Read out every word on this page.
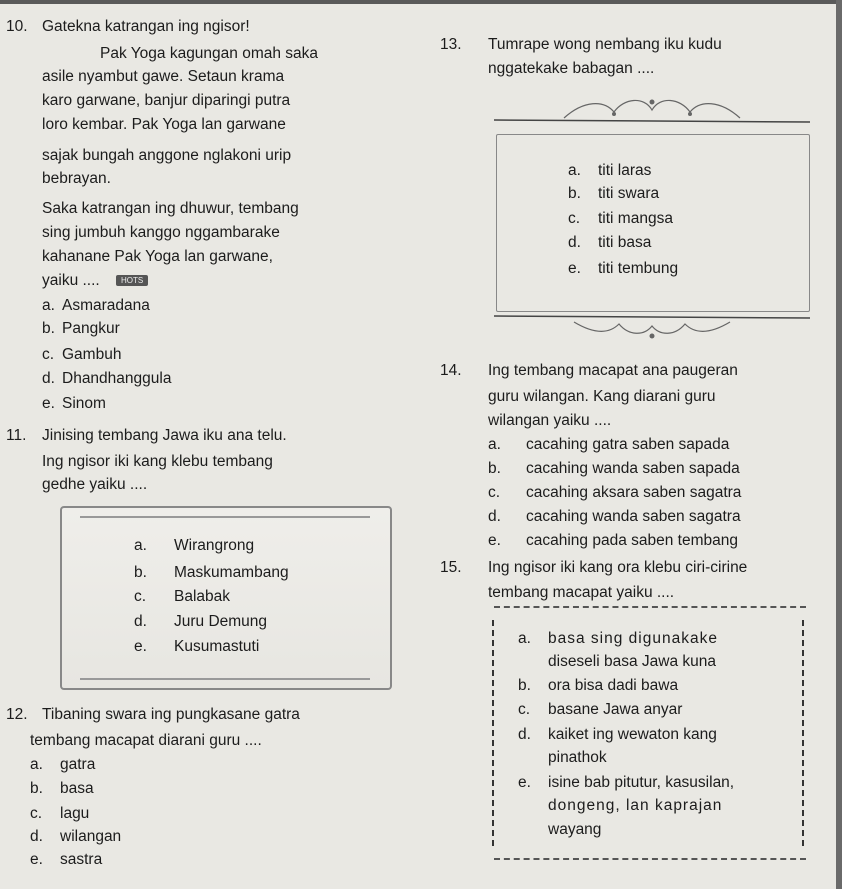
10. Gatekna katrangan ing ngisor!
Pak Yoga kagungan omah saka
asile nyambut gawe. Setaun krama
karo garwane, banjur diparingi putra
loro kembar. Pak Yoga lan garwane
sajak bungah anggone nglakoni urip
bebrayan.
Saka katrangan ing dhuwur, tembang
sing jumbuh kanggo nggambarake
kahanane Pak Yoga lan garwane,
yaiku ....	HOTS
a. Asmaradana
b. Pangkur
c. Gambuh
d. Dhandhanggula
e. Sinom
11. Jinising tembang Jawa iku ana telu.
Ing ngisor iki kang klebu tembang
gedhe yaiku ....
a. Wirangrong
b. Maskumambang
c. Balabak
d. Juru Demung
e. Kusumastuti
12. Tibaning swara ing pungkasane gatra
tembang macapat diarani guru ....
a. gatra
b. basa
c. lagu
d. wilangan
e. sastra
13. Tumrape wong nembang iku kudu
nggatekake babagan ....
a. titi laras
b. titi swara
c. titi mangsa
d. titi basa
e. titi tembung
14. Ing tembang macapat ana paugeran
guru wilangan. Kang diarani guru
wilangan yaiku ....
a. cacahing gatra saben sapada
b. cacahing wanda saben sapada
c. cacahing aksara saben sagatra
d. cacahing wanda saben sagatra
e. cacahing pada saben tembang
15. Ing ngisor iki kang ora klebu ciri-cirine
tembang macapat yaiku ....
a. basa sing digunakake
diseseli basa Jawa kuna
b. ora bisa dadi bawa
c. basane Jawa anyar
d. kaiket ing wewaton kang
pinathok
e. isine bab pitutur, kasusilan,
dongeng, lan kaprajan
wayang
